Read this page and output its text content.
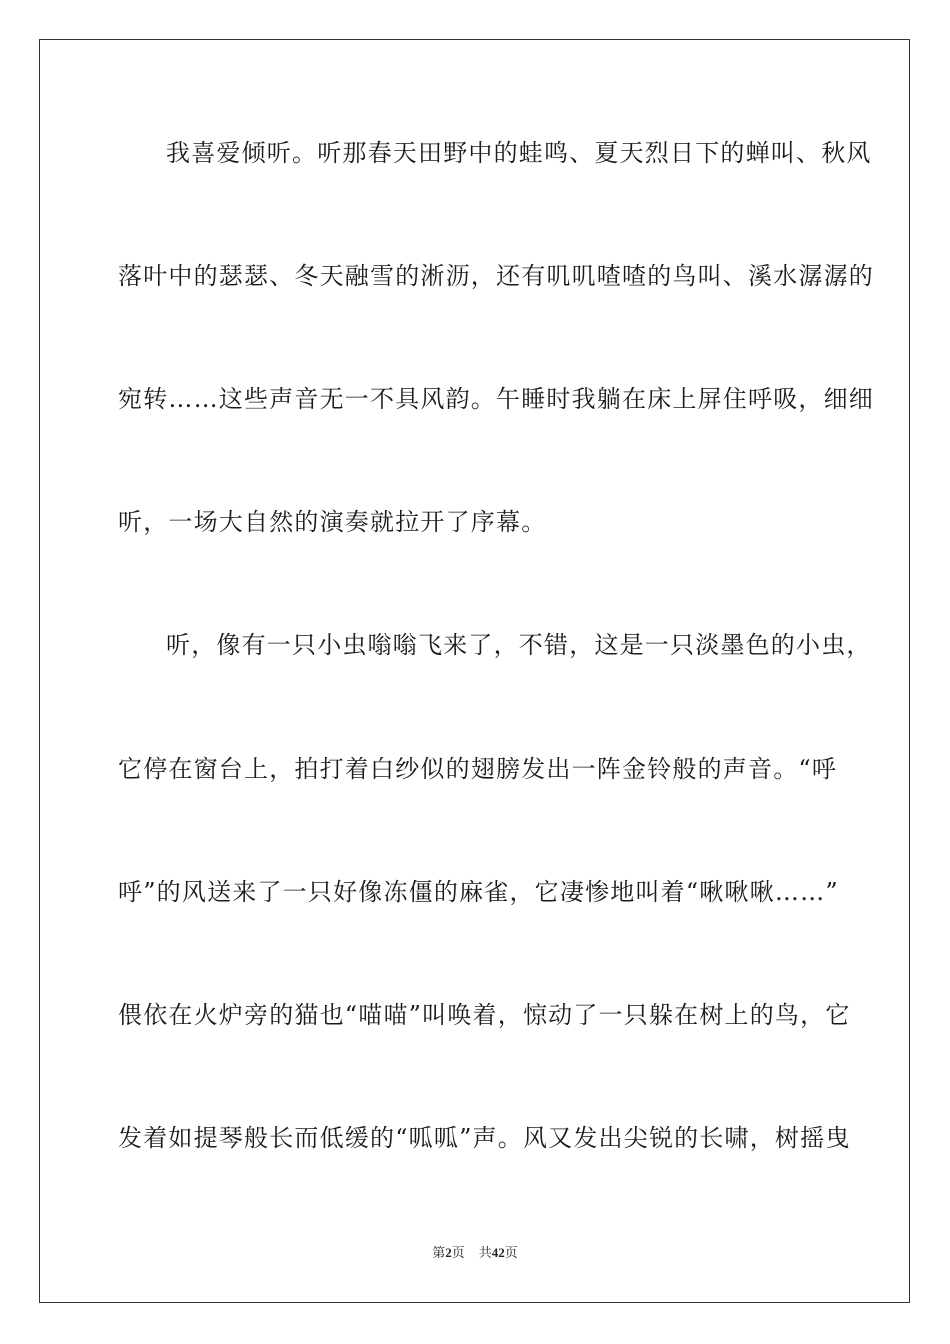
我喜爱倾听。听那春天田野中的蛙鸣、夏天烈日下的蝉叫、秋风
落叶中的瑟瑟、冬天融雪的淅沥，还有叽叽喳喳的鸟叫、溪水潺潺的
宛转……这些声音无一不具风韵。午睡时我躺在床上屏住呼吸，细细
听，一场大自然的演奏就拉开了序幕。
听，像有一只小虫嗡嗡飞来了，不错，这是一只淡墨色的小虫，
它停在窗台上，拍打着白纱似的翅膀发出一阵金铃般的声音。“呼
呼”的风送来了一只好像冻僵的麻雀，它凄惨地叫着“啾啾啾……”
偎依在火炉旁的猫也“喵喵”叫唤着，惊动了一只躲在树上的鸟，它
发着如提琴般长而低缓的“呱呱”声。风又发出尖锐的长啸，树摇曳
第2页 共42页
